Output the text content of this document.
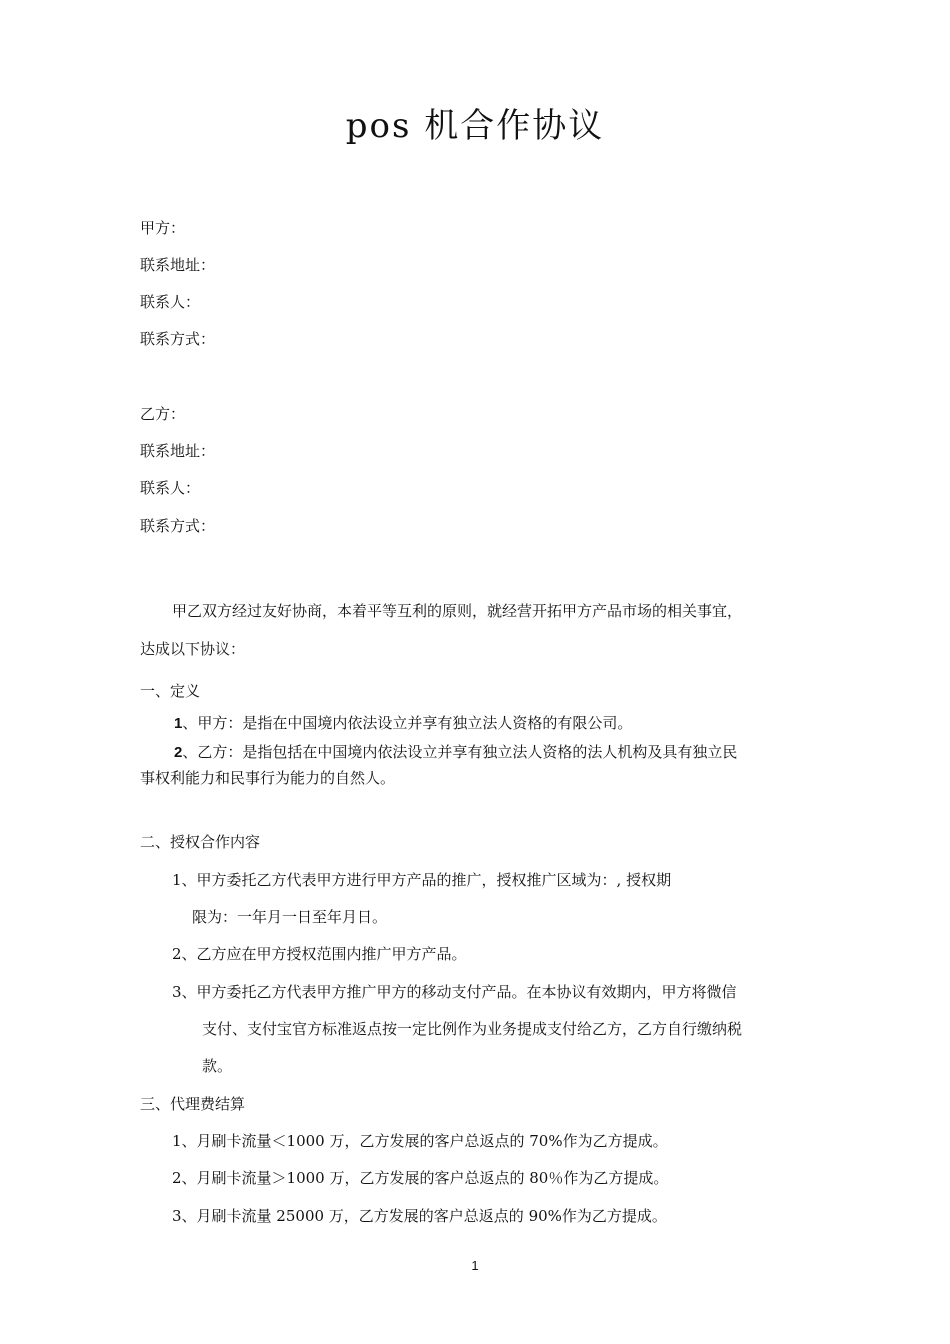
pos 机合作协议
甲方：
联系地址：
联系人：
联系方式：
乙方：
联系地址：
联系人：
联系方式：
甲乙双方经过友好协商，本着平等互利的原则，就经营开拓甲方产品市场的相关事宜，
达成以下协议：
一、定义
1、甲方：是指在中国境内依法设立并享有独立法人资格的有限公司。
2、乙方：是指包括在中国境内依法设立并享有独立法人资格的法人机构及具有独立民
事权利能力和民事行为能力的自然人。
二、授权合作内容
1、甲方委托乙方代表甲方进行甲方产品的推广，授权推广区域为：, 授权期
限为：一年月一日至年月日。
2、乙方应在甲方授权范围内推广甲方产品。
3、甲方委托乙方代表甲方推广甲方的移动支付产品。在本协议有效期内，甲方将微信
支付、支付宝官方标准返点按一定比例作为业务提成支付给乙方，乙方自行缴纳税
款。
三、代理费结算
1、月刷卡流量＜1000 万，乙方发展的客户总返点的 70%作为乙方提成。
2、月刷卡流量＞1000 万，乙方发展的客户总返点的 80％作为乙方提成。
3、月刷卡流量 25000 万，乙方发展的客户总返点的 90%作为乙方提成。
1
